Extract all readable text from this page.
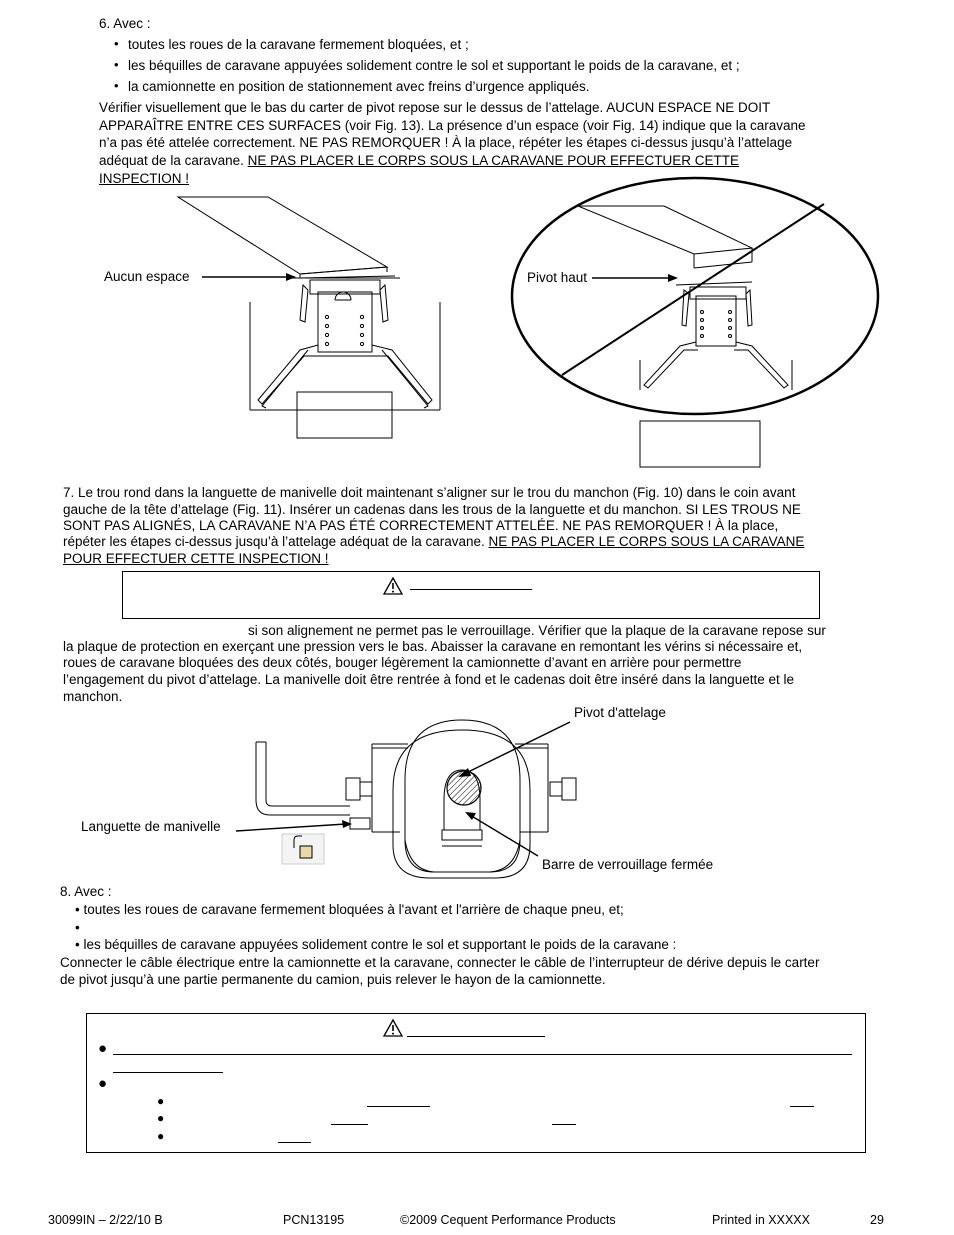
6. Avec :
• toutes les roues de la caravane fermement bloquées, et ;
• les béquilles de caravane appuyées solidement contre le sol et supportant le poids de la caravane, et ;
• la camionnette en position de stationnement avec freins d’urgence appliqués.
Vérifier visuellement que le bas du carter de pivot repose sur le dessus de l’attelage. AUCUN ESPACE NE DOIT
APPARAÎTRE ENTRE CES SURFACES (voir Fig. 13). La présence d’un espace (voir Fig. 14) indique que la caravane
n’a pas été attelée correctement. NE PAS REMORQUER ! À la place, répéter les étapes ci-dessus jusqu’à l’attelage
adéquat de la caravane. NE PAS PLACER LE CORPS SOUS LA CARAVANE POUR EFFECTUER CETTE
INSPECTION !
Aucun espace	Pivot haut
7. Le trou rond dans la languette de manivelle doit maintenant s’aligner sur le trou du manchon (Fig. 10) dans le coin avant
gauche de la tête d’attelage (Fig. 11). Insérer un cadenas dans les trous de la languette et du manchon. SI LES TROUS NE
SONT PAS ALIGNÉS, LA CARAVANE N’A PAS ÉTÉ CORRECTEMENT ATTELÉE. NE PAS REMORQUER ! À la place,
répéter les étapes ci-dessus jusqu’à l’attelage adéquat de la caravane. NE PAS PLACER LE CORPS SOUS LA CARAVANE
POUR EFFECTUER CETTE INSPECTION !
si son alignement ne permet pas le verrouillage. Vérifier que la plaque de la caravane repose sur
la plaque de protection en exerçant une pression vers le bas. Abaisser la caravane en remontant les vérins si nécessaire et,
roues de caravane bloquées des deux côtés, bouger légèrement la camionnette d’avant en arrière pour permettre
l’engagement du pivot d’attelage. La manivelle doit être rentrée à fond et le cadenas doit être inséré dans la languette et le
manchon.
Pivot d'attelage
Languette de manivelle
Barre de verrouillage fermée
8. Avec :
• toutes les roues de caravane fermement bloquées à l'avant et l'arrière de chaque pneu, et;
•
• les béquilles de caravane appuyées solidement contre le sol et supportant le poids de la caravane :
Connecter le câble électrique entre la camionnette et la caravane, connecter le câble de l’interrupteur de dérive depuis le carter
de pivot jusqu’à une partie permanente du camion, puis relever le hayon de la camionnette.
●
●
●
●
●
30099IN – 2/22/10 B	PCN13195	©2009 Cequent Performance Products	Printed in XXXXX	29
